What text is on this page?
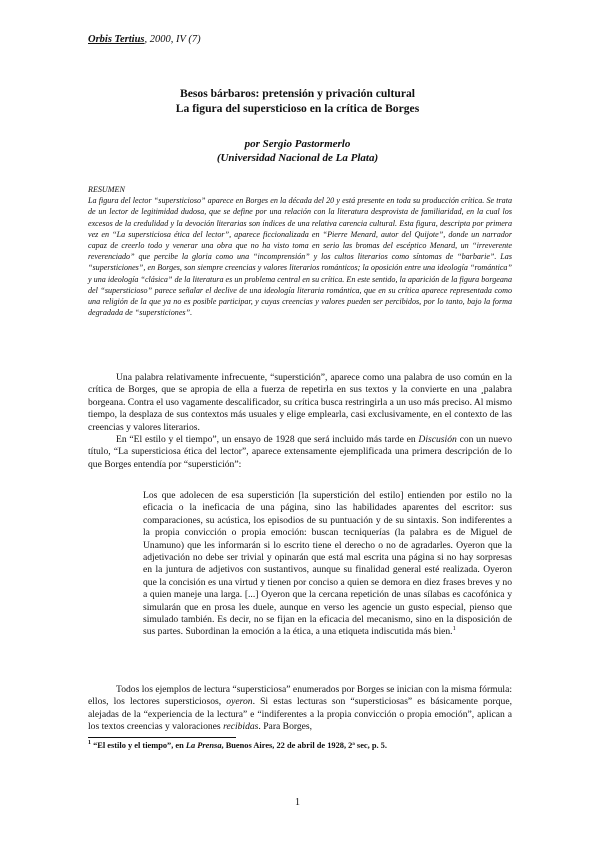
Orbis Tertius, 2000, IV (7)
Besos bárbaros: pretensión y privación cultural
La figura del supersticioso en la crítica de Borges
por Sergio Pastormerlo
(Universidad Nacional de La Plata)
RESUMEN
La figura del lector “supersticioso” aparece en Borges en la década del 20 y está presente en toda su producción crítica. Se trata de un lector de legitimidad dudosa, que se define por una relación con la literatura desprovista de familiaridad, en la cual los excesos de la credulidad y la devoción literarias son índices de una relativa carencia cultural. Esta figura, descripta por primera vez en “La supersticiosa ética del lector”, aparece ficcionalizada en “Pierre Menard, autor del Quijote”, donde un narrador capaz de creerlo todo y venerar una obra que no ha visto toma en serio las bromas del escéptico Menard, un “irreverente reverenciado” que percibe la gloria como una “incomprensión” y los cultos literarios como síntomas de “barbarie”. Las “supersticiones”, en Borges, son siempre creencias y valores literarios románticos; la oposición entre una ideología “romántica” y una ideología “clásica” de la literatura es un problema central en su crítica. En este sentido, la aparición de la figura borgeana del “supersticioso” parece señalar el declive de una ideología literaria romántica, que en su crítica aparece representada como una religión de la que ya no es posible participar, y cuyas creencias y valores pueden ser percibidos, por lo tanto, bajo la forma degradada de “supersticiones”.

Una palabra relativamente infrecuente, “superstición”, aparece como una palabra de uso común en la crítica de Borges, que se apropia de ella a fuerza de repetirla en sus textos y la convierte en una ¸palabra borgeana. Contra el uso vagamente descalificador, su crítica busca restringirla a un uso más preciso. Al mismo tiempo, la desplaza de sus contextos más usuales y elige emplearla, casi exclusivamente, en el contexto de las creencias y valores literarios.

En “El estilo y el tiempo”, un ensayo de 1928 que será incluido más tarde en Discusión con un nuevo título, “La supersticiosa ética del lector”, aparece extensamente ejemplificada una primera descripción de lo que Borges entendía por “superstición”:

Los que adolecen de esa superstición [la superstición del estilo] entienden por estilo no la eficacia o la ineficacia de una página, sino las habilidades aparentes del escritor: sus comparaciones, su acústica, los episodios de su puntuación y de su sintaxis. Son indiferentes a la propia convicción o propia emoción: buscan tecniquerías (la palabra es de Miguel de Unamuno) que les informarán si lo escrito tiene el derecho o no de agradarles. Oyeron que la adjetivación no debe ser trivial y opinarán que está mal escrita una página si no hay sorpresas en la juntura de adjetivos con sustantivos, aunque su finalidad general esté realizada. Oyeron que la concisión es una virtud y tienen por conciso a quien se demora en diez frases breves y no a quien maneje una larga. [...] Oyeron que la cercana repetición de unas sílabas es cacofónica y simularán que en prosa les duele, aunque en verso les agencie un gusto especial, pienso que simulado también. Es decir, no se fijan en la eficacia del mecanismo, sino en la disposición de sus partes. Subordinan la emoción a la ética, a una etiqueta indiscutida más bien.$^1$

Todos los ejemplos de lectura “supersticiosa” enumerados por Borges se inician con la misma fórmula: ellos, los lectores supersticiosos, oyeron. Si estas lecturas son “supersticiosas” es básicamente porque, alejadas de la “experiencia de la lectura” e “indiferentes a la propia convicción o propia emoción”, aplican a los textos creencias y valoraciones recibidas. Para Borges,

$^1$ “El estilo y el tiempo”, en La Prensa, Buenos Aires, 22 de abril de 1928, 2ª sec, p. 5.
1
